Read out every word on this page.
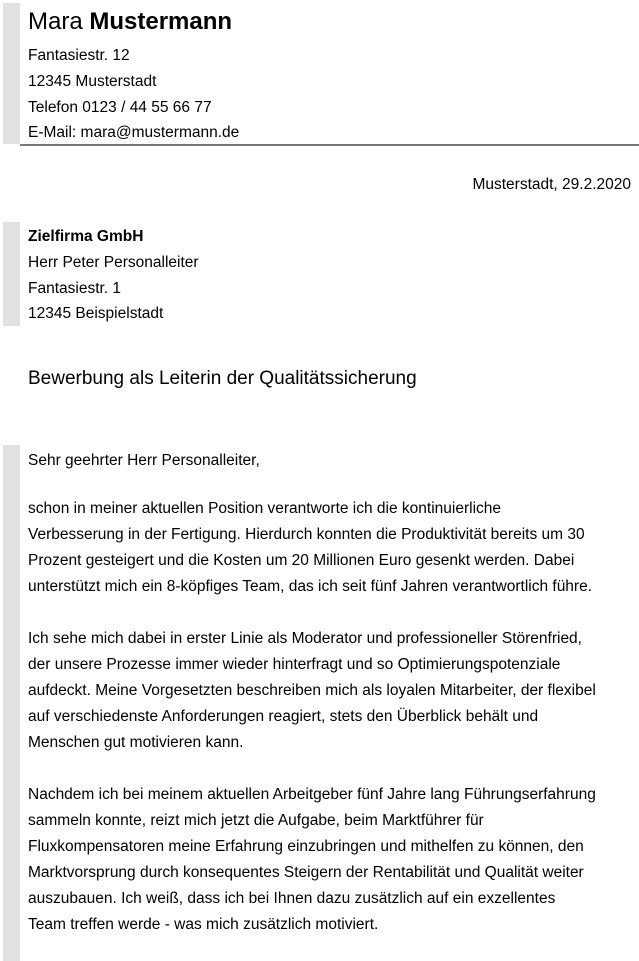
Mara Mustermann
Fantasiestr. 12
12345 Musterstadt
Telefon 0123 / 44 55 66 77
E-Mail: mara@mustermann.de
Musterstadt, 29.2.2020
Zielfirma GmbH
Herr Peter Personalleiter
Fantasiestr. 1
12345 Beispielstadt
Bewerbung als Leiterin der Qualitätssicherung
Sehr geehrter Herr Personalleiter,
schon in meiner aktuellen Position verantworte ich die kontinuierliche
Verbesserung in der Fertigung. Hierdurch konnten die Produktivität bereits um 30
Prozent gesteigert und die Kosten um 20 Millionen Euro gesenkt werden. Dabei
unterstützt mich ein 8-köpfiges Team, das ich seit fünf Jahren verantwortlich führe.
Ich sehe mich dabei in erster Linie als Moderator und professioneller Störenfried,
der unsere Prozesse immer wieder hinterfragt und so Optimierungspotenziale
aufdeckt. Meine Vorgesetzten beschreiben mich als loyalen Mitarbeiter, der flexibel
auf verschiedenste Anforderungen reagiert, stets den Überblick behält und
Menschen gut motivieren kann.
Nachdem ich bei meinem aktuellen Arbeitgeber fünf Jahre lang Führungserfahrung
sammeln konnte, reizt mich jetzt die Aufgabe, beim Marktführer für
Fluxkompensatoren meine Erfahrung einzubringen und mithelfen zu können, den
Marktvorsprung durch konsequentes Steigern der Rentabilität und Qualität weiter
auszubauen. Ich weiß, dass ich bei Ihnen dazu zusätzlich auf ein exzellentes
Team treffen werde - was mich zusätzlich motiviert.
